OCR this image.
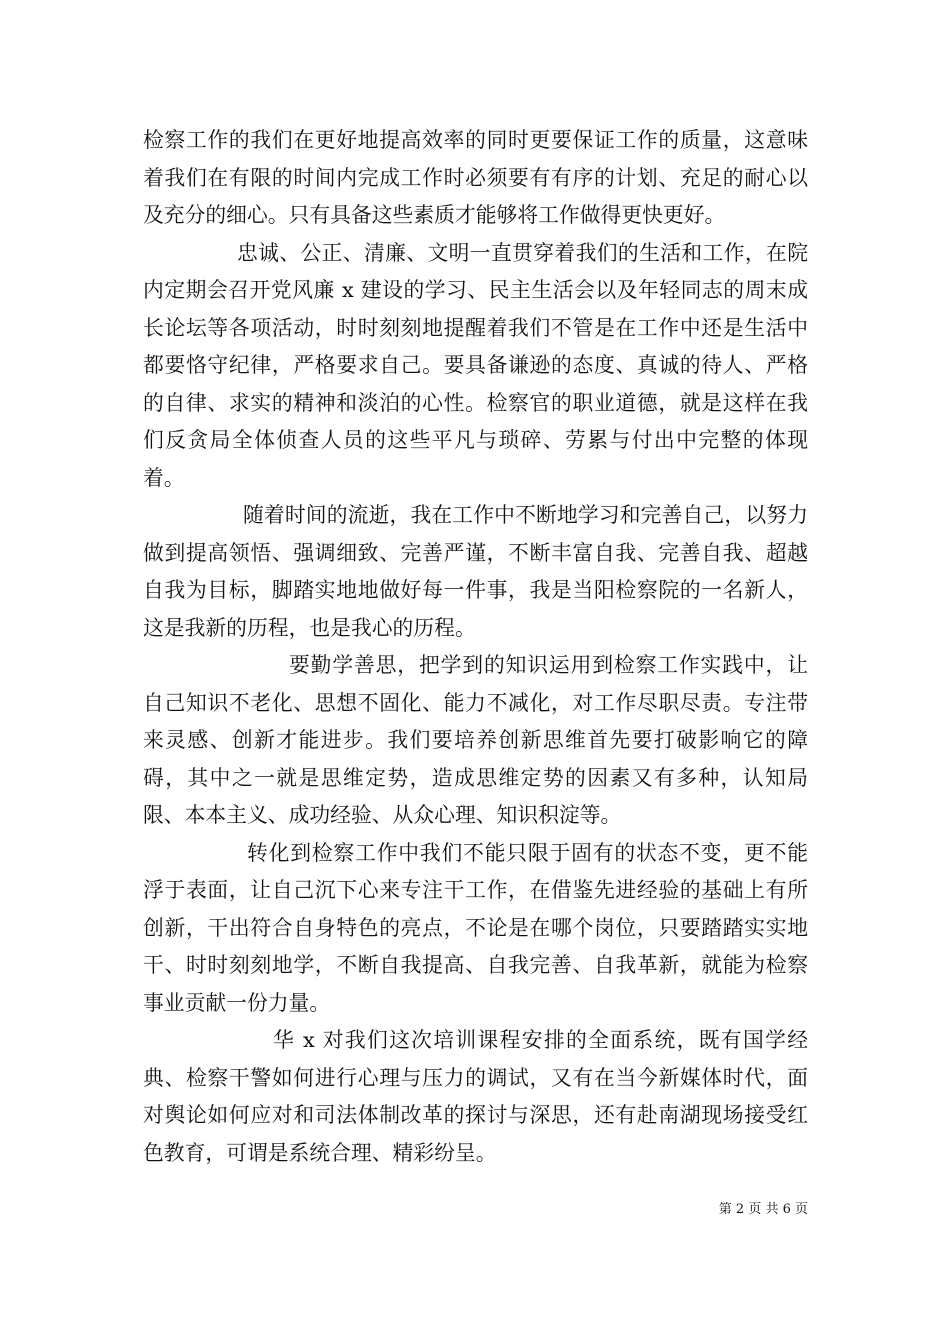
检察工作的我们在更好地提高效率的同时更要保证工作的质量，这意味着我们在有限的时间内完成工作时必须要有有序的计划、充足的耐心以及充分的细心。只有具备这些素质才能够将工作做得更快更好。

忠诚、公正、清廉、文明一直贯穿着我们的生活和工作，在院内定期会召开党风廉 x 建设的学习、民主生活会以及年轻同志的周末成长论坛等各项活动，时时刻刻地提醒着我们不管是在工作中还是生活中都要恪守纪律，严格要求自己。要具备谦逊的态度、真诚的待人、严格的自律、求实的精神和淡泊的心性。检察官的职业道德，就是这样在我们反贪局全体侦查人员的这些平凡与琐碎、劳累与付出中完整的体现着。

随着时间的流逝，我在工作中不断地学习和完善自己，以努力做到提高领悟、强调细致、完善严谨，不断丰富自我、完善自我、超越自我为目标，脚踏实地地做好每一件事，我是当阳检察院的一名新人，这是我新的历程，也是我心的历程。

要勤学善思，把学到的知识运用到检察工作实践中，让自己知识不老化、思想不固化、能力不减化，对工作尽职尽责。专注带来灵感、创新才能进步。我们要培养创新思维首先要打破影响它的障碍，其中之一就是思维定势，造成思维定势的因素又有多种，认知局限、本本主义、成功经验、从众心理、知识积淀等。

转化到检察工作中我们不能只限于固有的状态不变，更不能浮于表面，让自己沉下心来专注干工作，在借鉴先进经验的基础上有所创新，干出符合自身特色的亮点，不论是在哪个岗位，只要踏踏实实地干、时时刻刻地学，不断自我提高、自我完善、自我革新，就能为检察事业贡献一份力量。

华 x 对我们这次培训课程安排的全面系统，既有国学经典、检察干警如何进行心理与压力的调试，又有在当今新媒体时代，面对舆论如何应对和司法体制改革的探讨与深思，还有赴南湖现场接受红色教育，可谓是系统合理、精彩纷呈。

第 2 页 共 6 页
